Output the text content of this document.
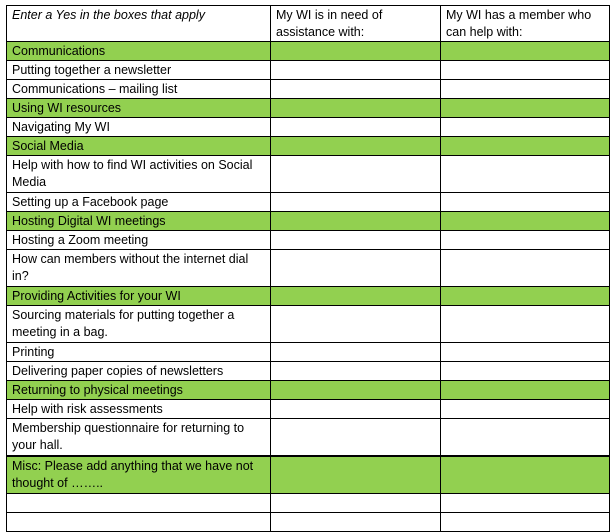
Enter a Yes in the boxes that apply	My WI is in need of assistance with:	My WI has a member who can help with:
Communications		
Putting together a newsletter		
Communications – mailing list		
Using WI resources		
Navigating My WI		
Social Media		
Help with how to find WI activities on Social Media		
Setting up a Facebook page		
Hosting Digital WI meetings		
Hosting a Zoom meeting		
How can members without the internet dial in?		
Providing Activities for your WI		
Sourcing materials for putting together a meeting in a bag.		
Printing		
Delivering paper copies of newsletters		
Returning to physical meetings		
Help with risk assessments		
Membership questionnaire for returning to your hall.		
Misc: Please add anything that we have not thought of ……..		
